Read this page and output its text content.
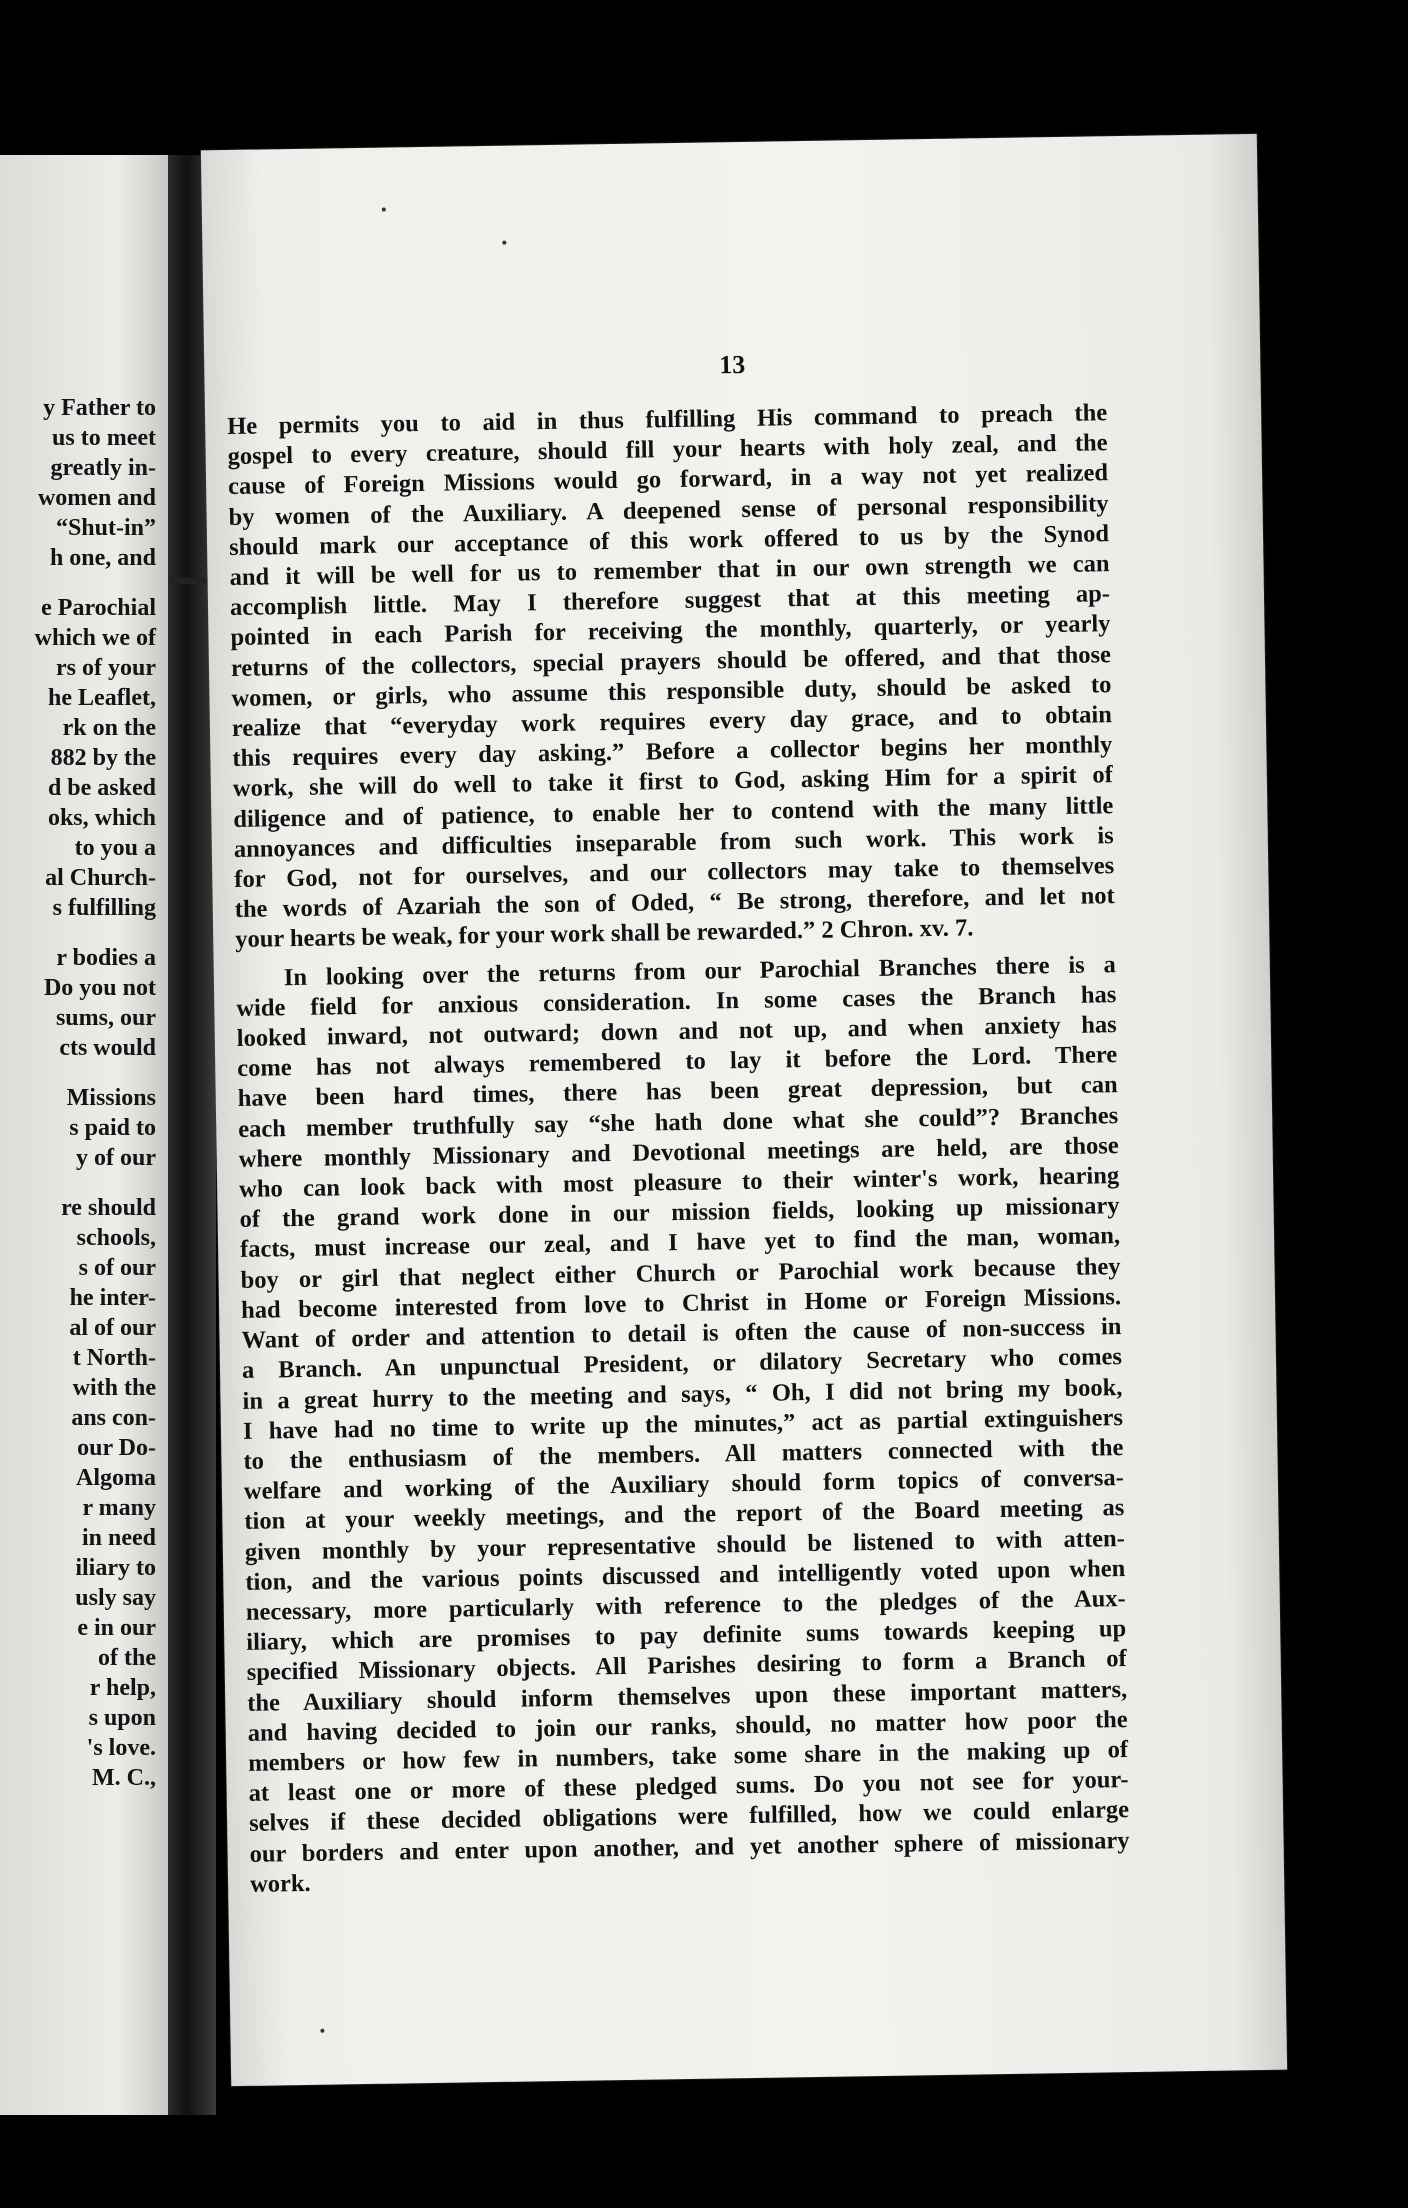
y Father to
us to meet
greatly in-
women and
“Shut-in”
h one, and
e Parochial
which we of
rs of your
he Leaflet,
rk on the
882 by the
d be asked
oks, which
to you a
al Church-
s fulfilling
r bodies a
Do you not
sums, our
cts would
Missions
s paid to
y of our
re should
schools,
s of our
he inter-
al of our
t North-
with the
ans con-
our Do-
Algoma
r many
in need
iliary to
usly say
e in our
of the
r help,
s upon
's love.
M. C.,
13

He permits you to aid in thus fulfilling His command to preach the
gospel to every creature, should fill your hearts with holy zeal, and the
cause of Foreign Missions would go forward, in a way not yet realized
by women of the Auxiliary. A deepened sense of personal responsibility
should mark our acceptance of this work offered to us by the Synod
and it will be well for us to remember that in our own strength we can
accomplish little. May I therefore suggest that at this meeting ap-
pointed in each Parish for receiving the monthly, quarterly, or yearly
returns of the collectors, special prayers should be offered, and that those
women, or girls, who assume this responsible duty, should be asked to
realize that “everyday work requires every day grace, and to obtain
this requires every day asking.” Before a collector begins her monthly
work, she will do well to take it first to God, asking Him for a spirit of
diligence and of patience, to enable her to contend with the many little
annoyances and difficulties inseparable from such work. This work is
for God, not for ourselves, and our collectors may take to themselves
the words of Azariah the son of Oded, “ Be strong, therefore, and let not
your hearts be weak, for your work shall be rewarded.” 2 Chron. xv. 7.

In looking over the returns from our Parochial Branches there is a
wide field for anxious consideration. In some cases the Branch has
looked inward, not outward; down and not up, and when anxiety has
come has not always remembered to lay it before the Lord. There
have been hard times, there has been great depression, but can
each member truthfully say “she hath done what she could”? Branches
where monthly Missionary and Devotional meetings are held, are those
who can look back with most pleasure to their winter's work, hearing
of the grand work done in our mission fields, looking up missionary
facts, must increase our zeal, and I have yet to find the man, woman,
boy or girl that neglect either Church or Parochial work because they
had become interested from love to Christ in Home or Foreign Missions.
Want of order and attention to detail is often the cause of non-success in
a Branch. An unpunctual President, or dilatory Secretary who comes
in a great hurry to the meeting and says, “ Oh, I did not bring my book,
I have had no time to write up the minutes,” act as partial extinguishers
to the enthusiasm of the members. All matters connected with the
welfare and working of the Auxiliary should form topics of conversa-
tion at your weekly meetings, and the report of the Board meeting as
given monthly by your representative should be listened to with atten-
tion, and the various points discussed and intelligently voted upon when
necessary, more particularly with reference to the pledges of the Aux-
iliary, which are promises to pay definite sums towards keeping up
specified Missionary objects. All Parishes desiring to form a Branch of
the Auxiliary should inform themselves upon these important matters,
and having decided to join our ranks, should, no matter how poor the
members or how few in numbers, take some share in the making up of
at least one or more of these pledged sums. Do you not see for your-
selves if these decided obligations were fulfilled, how we could enlarge
our borders and enter upon another, and yet another sphere of missionary
work.
